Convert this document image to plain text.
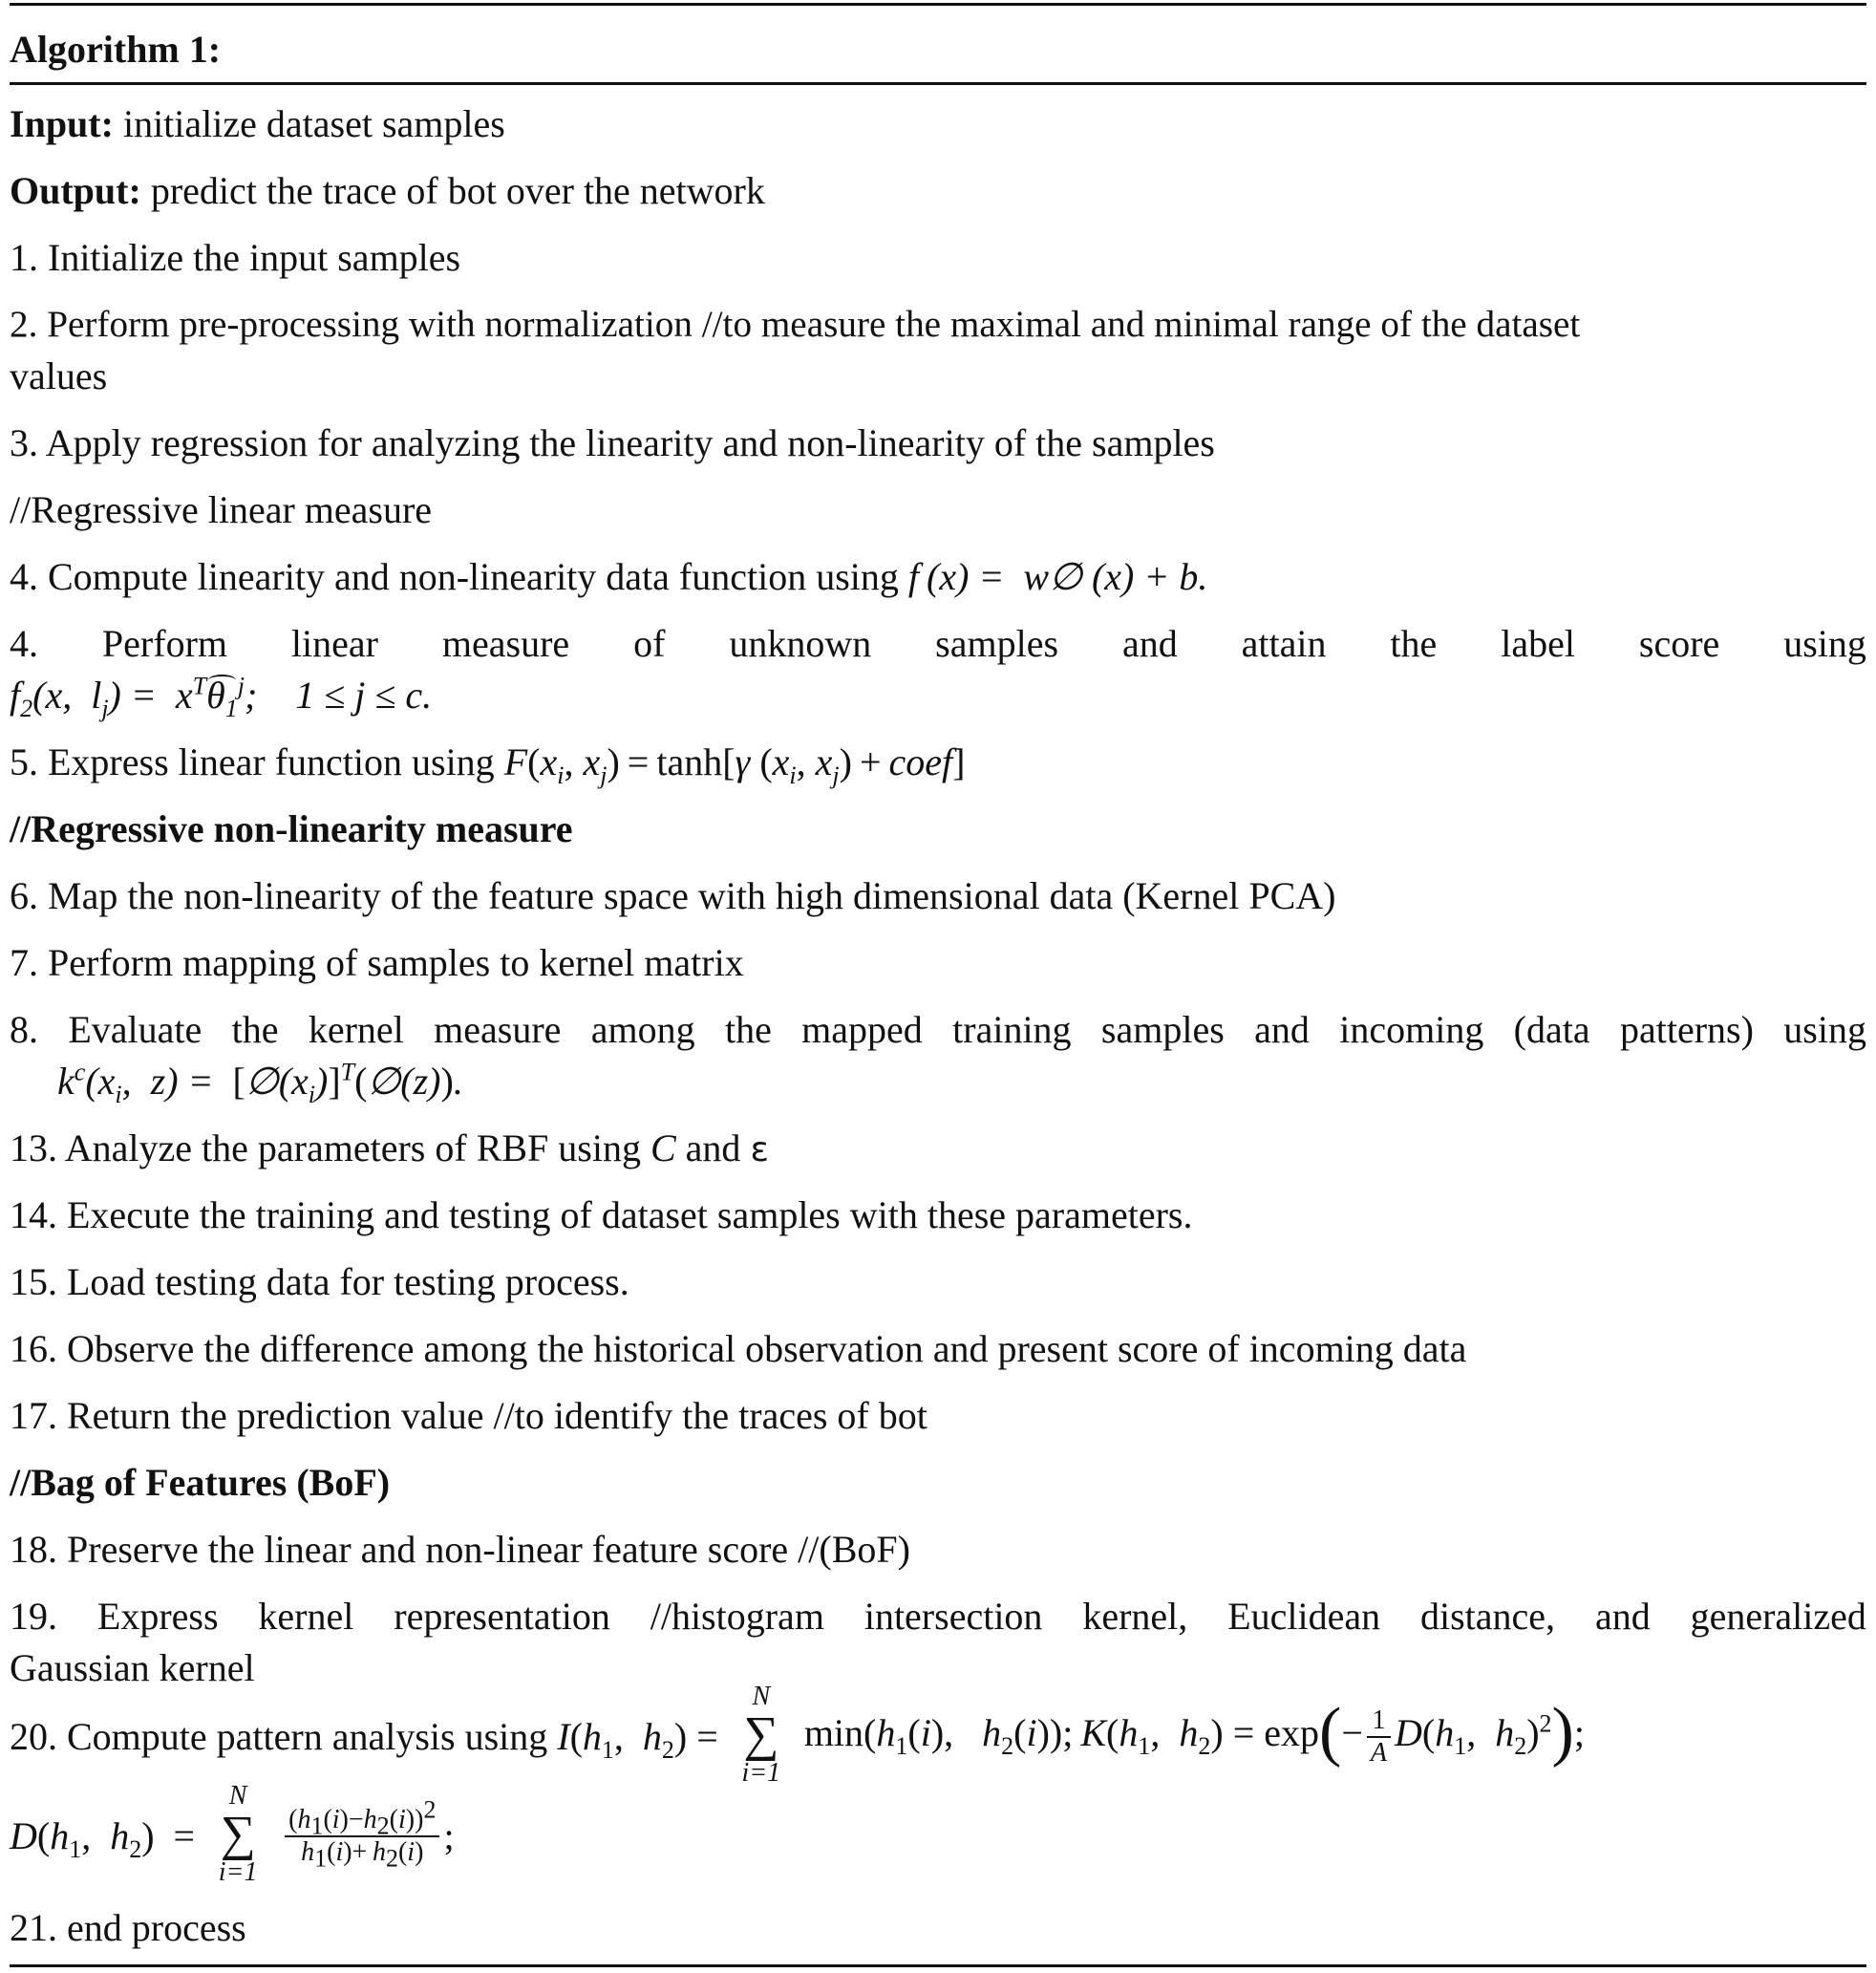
Algorithm 1:
Input: initialize dataset samples
Output: predict the trace of bot over the network
1. Initialize the input samples
2. Perform pre-processing with normalization //to measure the maximal and minimal range of the dataset
values
3. Apply regression for analyzing the linearity and non-linearity of the samples
//Regressive linear measure
4. Compute linearity and non-linearity data function using f (x) =  w∅ (x) + b.
4. Perform linear measure of unknown samples and attain the label score using
$f_2(x$,  $l_j) = x^T\theta_1^j$;    1 ≤ j ≤ c.
5. Express linear function using $F(x_i$, $x_j) = \tanh[\gamma$ ($x_i$, $x_j$) + coef]
//Regressive non-linearity measure
6. Map the non-linearity of the feature space with high dimensional data (Kernel PCA)
7. Perform mapping of samples to kernel matrix
8. Evaluate the kernel measure among the mapped training samples and incoming (data patterns) using
$k^c(x_i$,  $z) = [\emptyset(x_i)]^T(\emptyset(z))$.
13. Analyze the parameters of RBF using C and ε
14. Execute the training and testing of dataset samples with these parameters.
15. Load testing data for testing process.
16. Observe the difference among the historical observation and present score of incoming data
17. Return the prediction value //to identify the traces of bot
//Bag of Features (BoF)
18. Preserve the linear and non-linear feature score //(BoF)
19. Express kernel representation //histogram intersection kernel, Euclidean distance, and generalized
Gaussian kernel
20. Compute pattern analysis using $I(h_1$,  $h_2$) =
N
∑
i=1
$\min(h_1(i)$,   $h_2(i)$); $K(h_1$,  $h_2) = \exp(- \frac{1}{A} D(h_1$,  $h_2)^2$);
$D(h_1$,  $h_2$)  =
N
∑
i=1

$\frac{(h_1(i)-h_2(i))^2}{h_1(i)+ h_2(i)}$ ;
21. end process
